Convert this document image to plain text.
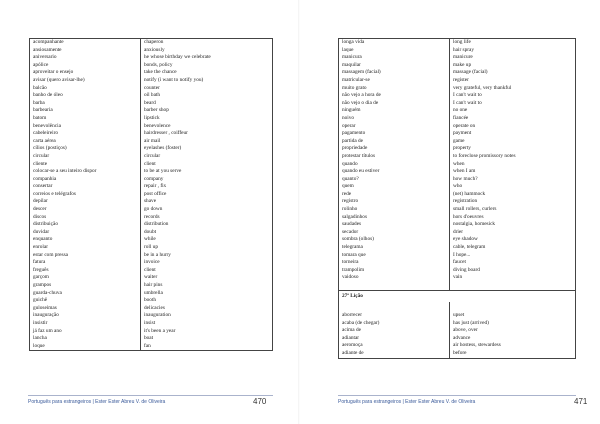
acompanhante	chaperon
ansiosamente	anxiously
aniversario	he whose birthday we celebrate
apólice	bonds, policy
aproveitar o ensejo	take the chance
avisar (quero avisar-lhe)	notify (i want to notify you)
balcão	counter
banho de óleo	oil bath
barba	beard
barbearia	barber shop
batom	lipstick
benevolência	benevolence
cabeleireiro	hairdresser , coiffeur
carta aérea	air mail
cílios (postiços)	eyelashes (foster)
circular	circular
cliente	client
colocar-se a seu inteiro dispor	to be at you serve
companhia	company
consertar	repair , fix
correios e telégrafos	post office
depilar	shave
descer	go down
discos	records
distribuição	distribution
duvidar	doubt
enquanto	while
enrolar	roll up
estar com pressa	be in a hurry
fatura	invoice
freguês	client
garçom	waiter
grampos	hair pins
guarda-chuva	umbrella
guichê	booth
guloseimas	delicacies
inauguração	inauguration
insistir	insist
já faz um ano	it's been a year
lancha	boat
loque	fan
Português para estrangeiros | Ester Ester Abreu V. de Oliveira	470
longa vida	long life
laque	hair spray
manicura	manicure
maquilar	make up
massagem (facial)	massage (facial)
matricular-se	register
muito grato	very grateful, very thankful
não vejo a hora de	I can't wait to
não vejo o dia de	I can't wait to
ninguém	no one
noivo	fiancée
operar	operate on
pagamento	payment
partida de	game
propriedade	property
protestar títulos	to foreclose promissory notes
quando	when
quando eu estiver	when I am
quanto?	how much?
quem	who
rede	(net) hammock
registro	registration
rolinho	small rollers, curlers
salgadinhos	hors d'oeuvres
saudades	nostalgia, homesick
secador	drier
sombra (olhos)	eye shadow
telegrama	cable, telegram
tomara que	I hope...
torneira	faucet
trampolim	diving board
vaidoso	vain

27ª Lição	

aborrecer	upset
acaba (de chegar)	has just (arrived)
acima de	above, over
adiantar	advance
aeromoça	air hostess, stewardess
adiante de	before
Português para estrangeiros | Ester Ester Abreu V. de Oliveira	471
